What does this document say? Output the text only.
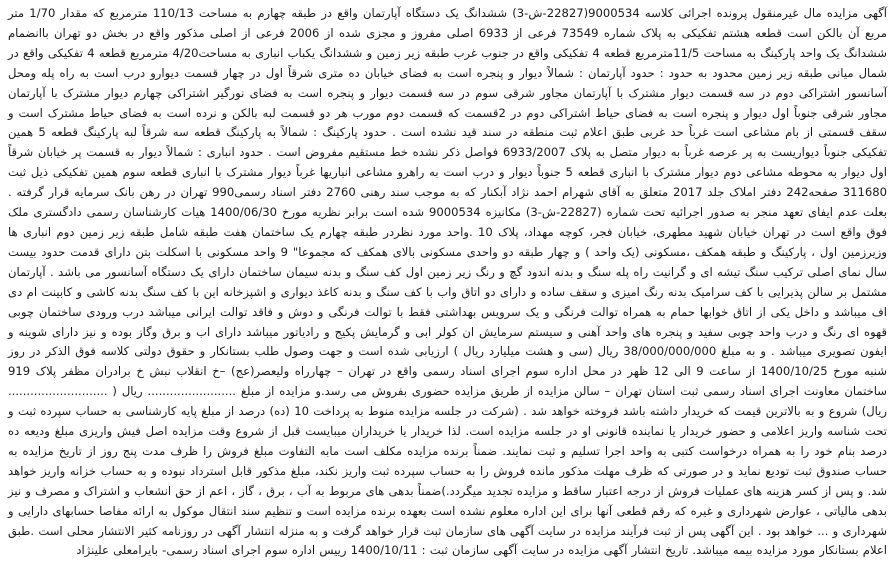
آگهی مزایده مال غیرمنقول پرونده اجرائی کلاسه 9000534(22827-ش-3) ششدانگ یک دستگاه آپارتمان واقع در طبقه چهارم به مساحت 110/13 مترمربع که مقدار 1/70 متر مربع آن بالکن است قطعه هشتم تفکیکی به پلاک شماره 73549 فرعی از 6933 اصلی مفروز و مجزی شده از 2006 فرعی از اصلی مذکور واقع در بخش دو تهران باانضمام ششدانگ یک واحد پارکینگ به مساحت 11/5مترمربع قطعه 4 تفکیکی واقع در جنوب غرب طبقه زیر زمین و ششدانگ یکباب انباری به مساحت4/20 مترمربع قطعه 4 تفکیکی واقع در شمال میانی طبقه زیر زمین محدود به حدود : حدود آپارتمان : شمالاً دیوار و پنجره است به فضای خیابان ده متری شرقاً اول در چهار قسمت دیوارو درب است به راه پله ومحل آسانسور اشتراکی دوم در سه قسمت دیوار مشترک با آپارتمان مجاور شرقی سوم در سه قسمت دیوار و پنجره است به فضای نورگیر اشتراکی چهارم دیوار مشترک با آپارتمان مجاور شرقی جنوباً اول دیوار و پنجره است به فضای حیاط اشتراکی دوم در 2قسمت که قسمت دوم مورب هر دو قسمت لبه بالکن و نرده است به فضای حیاط مشترک است و سقف قسمتی از بام مشاعی است غرباً حد غربی طبق اعلام ثبت منطقه در سند قید نشده است . حدود پارکینگ : شمالاً به پارکینگ قطعه سه شرقاً لبه پارکینگ قطعه 5 همین تفکیکی جنوباً دیواریست به پر عرصه غرباً به دیوار متصل به پلاک 6933/2007 فواصل ذکر نشده خط مستقیم مفروض است . حدود انباری : شمالاً دیوار به قسمت پر خیابان شرقاً اول دیوار به محوطه مشاعی دوم دیوار مشترک با انباری قطعه 5 جنوباً دیوار و درب است به راهرو مشاعی انباریها غرباً دیوار مشترک با انباری قطعه سوم همین تفکیکی ذیل ثبت 311680 صفحه242 دفتر املاک جلد 2017 متعلق به آقای شهرام احمد نژاد آبکنار که به موجب سند رهنی 2760 دفتر اسناد رسمی990 تهران در رهن بانک سرمایه قرار گرفته . بعلت عدم ایفای تعهد منجر به صدور اجرائیه تحت شماره (22827-ش-3) مکانیزه 9000534 شده است برابر نظریه مورخ 1400/06/30 هیات کارشناسان رسمی دادگستری ملک فوق واقع است در تهران خیابان شهید مطهری، خیابان فجر، کوچه مهداد، پلاک 10 .واحد مورد نظردر طبقه چهارم یک ساختمان هفت طبقه شامل طبقه زیر زمین دوم انباری ها وزیرزمین اول ، پارکینگ و طبقه همکف ،مسکونی (یک واحد ) و چهار طبقه دو واحدی مسکونی بالای همکف که مجموعا" 9 واحد مسکونی با اسکلت بتن دارای قدمت حدود بیست سال نمای اصلی ترکیب سنگ تیشه ای و گرانیت راه پله سنگ و بدنه اندود گچ و رنگ زیر زمین اول کف سنگ و بدنه سیمان ساختمان دارای یک دستگاه آسانسور می باشد . آپارتمان مشتمل بر سالن پذیرایی با کف سرامیک بدنه رنگ امیزی و سقف ساده و دارای دو اتاق واب با کف سنگ و بدنه کاغذ دیواری و اشپزخانه این با کف سنگ بدنه کاشی و کابینت ام دی اف میباشد و داخل یکی از اتاق خوابها حمام به همراه توالت فرنگی و یک سرویس بهداشتی فقط با توالت فرنگی و دوش و فاقد توالت ایرانی میباشد درب ورودی ساختمان چوبی قهوه ای رنگ و درب واحد چوبی سفید و پنجره های واحد آهنی و سیستم سرمایش ان کولر ابی و گرمایش پکیج و رادیاتور میباشد دارای اب و برق وگاز بوده و نیز دارای شوینه و ایفون تصویری میباشد . و به مبلغ 38/000/000/000 ریال (سی و هشت میلیارد ریال ) ارزیابی شده است و جهت وصول طلب بستانکار و حقوق دولتی کلاسه فوق الذکر در روز شنبه مورخ 1400/10/25 از ساعت 9 الی 12 ظهر در محل اداره سوم اجرای اسناد رسمی واقع در تهران – چهارراه ولیعصر(عج) –خ انقلاب نبش خ برادران مظفر پلاک 919 ساختمان معاونت اجرای اسناد رسمی ثبت استان تهران – سالن مزایده از طریق مزایده حضوری بفروش می رسد.و مزایده از مبلغ ........................ ریال ( ........................... ریال) شروع و به بالاترین قیمت که خریدار داشته باشد فروخته خواهد شد . (شرکت در جلسه مزایده منوط به پرداخت 10 (ده) درصد از مبلغ پایه کارشناسی به حساب سپرده ثبت و تحت شناسه واریز اعلامی و حضور خریدار یا نماینده قانونی او در جلسه مزایده است. لذا خریدار یا خریداران میبایست قبل از شروع وقت مزایده اصل فیش واریزی مبلغ ودیعه ده درصد بنام خود را به همراه درخواست کتبی به واحد اجرا تسلیم و ثبت نمایند. ضمناً برنده مزایده مکلف است مابه التفاوت مبلغ فروش را ظرف مدت پنج روز از تاریخ مزایده به حساب صندوق ثبت تودیع نماید و در صورتی که ظرف مهلت مذکور مانده فروش را به حساب سپرده ثبت واریز نکند، مبلغ مذکور قابل استرداد نبوده و به حساب خزانه واریز خواهد شد. و پس از کسر هزینه های عملیات فروش از درجه اعتبار ساقط و مزایده تجدید میگردد.)ضمناً بدهی های مربوط به آب ، برق ، گاز ، اعم از حق انشعاب و اشتراک و مصرف و نیز بدهی مالیاتی ، عوارض شهرداری و غیره که رقم قطعی آنها برای این اداره معلوم نشده است بعهده برنده مزایده است و تنظیم سند انتقال موکول به ارائه مفاصا حسابهای دارایی و شهرداری و ... خواهد بود . این آگهی پس از ثبت فرآیند مزایده در سایت آگهی های سازمان ثبت قرار خواهد گرفت و به منزله انتشار آگهی در روزنامه کثیر الانتشار محلی است .طبق اعلام بستانکار مورد مزایده بیمه میباشد. تاریخ انتشار آگهی مزایده در سایت آگهی سازمان ثبت : 1400/10/11 رییس اداره سوم اجرای اسناد رسمی- بایرامعلی علینژاد
